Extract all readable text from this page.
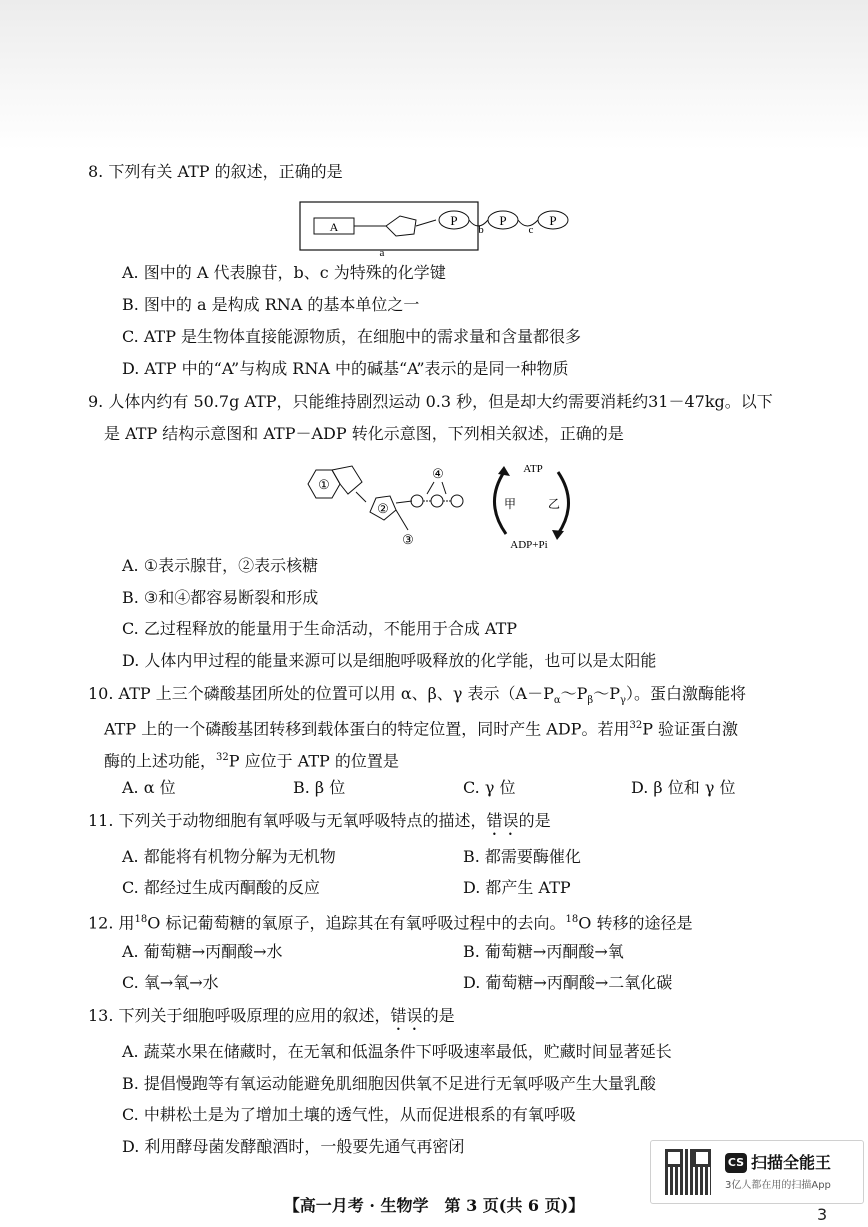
8. 下列有关 ATP 的叙述，正确的是
A	P	P	P
a
b	c
A. 图中的 A 代表腺苷，b、c 为特殊的化学键
B. 图中的 a 是构成 RNA 的基本单位之一
C. ATP 是生物体直接能源物质，在细胞中的需求量和含量都很多
D. ATP 中的“A”与构成 RNA 中的碱基“A”表示的是同一种物质
9. 人体内约有 50.7g ATP，只能维持剧烈运动 0.3 秒，但是却大约需要消耗约31－47kg。以下
是 ATP 结构示意图和 ATP－ADP 转化示意图，下列相关叙述，正确的是
①
②
③
④	ATP
ADP+Pi
甲	乙
A. ①表示腺苷，②表示核糖
B. ③和④都容易断裂和形成
C. 乙过程释放的能量用于生命活动，不能用于合成 ATP
D. 人体内甲过程的能量来源可以是细胞呼吸释放的化学能，也可以是太阳能
10. ATP 上三个磷酸基团所处的位置可以用 α、β、γ 表示$(A-P_\alpha\sim P_\beta\sim P_\gamma)$。蛋白激酶能将
ATP 上的一个磷酸基团转移到载体蛋白的特定位置，同时产生 ADP。若用$^{32}$P 验证蛋白激
酶的上述功能，$^{32}$P 应位于 ATP 的位置是
A. α 位	B. β 位	C. γ 位	D. β 位和 γ 位
11. 下列关于动物细胞有氧呼吸与无氧呼吸特点的描述，错误的是
A. 都能将有机物分解为无机物	B. 都需要酶催化
C. 都经过生成丙酮酸的反应	D. 都产生 ATP
12. 用$^{18}$O 标记葡萄糖的氧原子，追踪其在有氧呼吸过程中的去向。$^{18}$O 转移的途径是
A. 葡萄糖→丙酮酸→水	B. 葡萄糖→丙酮酸→氧
C. 氧→氧→水	D. 葡萄糖→丙酮酸→二氧化碳
13. 下列关于细胞呼吸原理的应用的叙述，错误的是
A. 蔬菜水果在储藏时，在无氧和低温条件下呼吸速率最低，贮藏时间显著延长
B. 提倡慢跑等有氧运动能避免肌细胞因供氧不足进行无氧呼吸产生大量乳酸
C. 中耕松土是为了增加土壤的透气性，从而促进根系的有氧呼吸
D. 利用酵母菌发酵酿酒时，一般要先通气再密闭
【高一月考 · 生物学　第 3 页(共 6 页)】
CS 扫描全能王
3亿人都在用的扫描App
3
